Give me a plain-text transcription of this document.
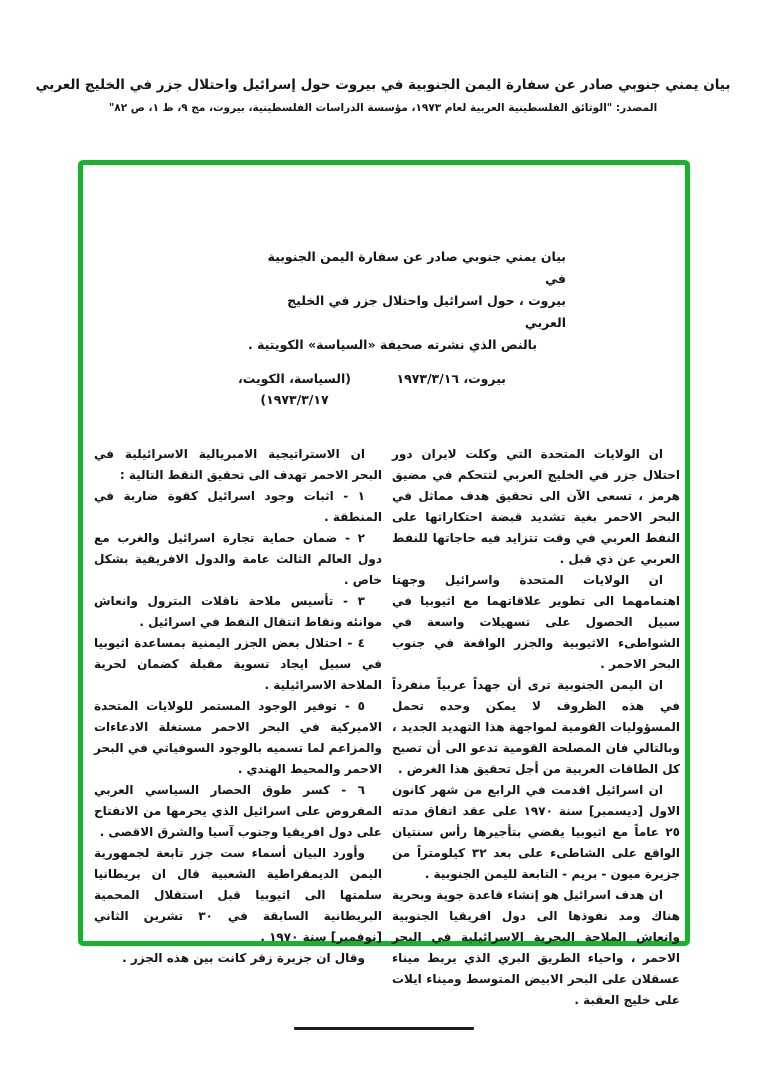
بيان يمني جنوبي صادر عن سفارة اليمن الجنوبية في بيروت حول إسرائيل واحتلال جزر في الخليج العربي
المصدر: "الوثائق الفلسطينية العربية لعام ١٩٧٣، مؤسسة الدراسات الفلسطينية، بيروت، مج ٩، ط ١، ص ٨٢"
بيان يمني جنوبي صادر عن سفارة اليمن الجنوبية في
بيروت ، حول اسرائيل واحتلال جزر في الخليج العربي
بالنص الذي نشرته صحيفة «السياسة» الكويتية .
بيروت، ١٩٧٣/٣/١٦
(السياسة، الكويت،
١٩٧٣/٣/١٧)

ان الولايات المتحدة التي وكلت لايران دور احتلال جزر في الخليج العربي لتتحكم في مضيق هرمز ، تسعى الآن الى تحقيق هدف مماثل في البحر الاحمر بغية تشديد قبضة احتكاراتها على النفط العربي في وقت تتزايد فيه حاجاتها للنفط العربي عن ذي قبل .

ان الولايات المتحدة واسرائيل وجهتا اهتمامهما الى تطوير علاقاتهما مع اثيوبيا في سبيل الحصول على تسهيلات واسعة في الشواطىء الاثيوبية والجزر الواقعة في جنوب البحر الاحمر .

ان اليمن الجنوبية ترى أن جهداً عربياً منفرداً في هذه الظروف لا يمكن وحده تحمل المسؤوليات القومية لمواجهة هذا التهديد الجديد ، وبالتالي فان المصلحة القومية تدعو الى أن تصبح كل الطاقات العربية من أجل تحقيق هذا الغرض .

ان اسرائيل اقدمت في الرابع من شهر كانون الاول [ديسمبر] سنة ١٩٧٠ على عقد اتفاق مدته ٢٥ عاماً مع اثيوبيا يقضي بتأجيرها رأس سنتيان الواقع على الشاطىء على بعد ٣٢ كيلومتراً من جزيرة ميون - بريم - التابعة لليمن الجنوبية .

ان هدف اسرائيل هو إنشاء قاعدة جوية وبحرية هناك ومد نفوذها الى دول افريقيا الجنوبية وانعاش الملاحة البحرية الاسرائيلية في البحر الاحمر ، واحياء الطريق البري الذي يربط ميناء عسقلان على البحر الابيض المتوسط وميناء ايلات على خليج العقبة .

ان الاستراتيجية الامبريالية الاسرائيلية في البحر الاحمر تهدف الى تحقيق النقط التالية :

١ - اثبات وجود اسرائيل كقوة ضاربة في المنطقة .

٢ - ضمان حماية تجارة اسرائيل والغرب مع دول العالم الثالث عامة والدول الافريقية بشكل خاص .

٣ - تأسيس ملاحة ناقلات البترول وانعاش موانئه ونقاط انتقال النفط في اسرائيل .

٤ - احتلال بعض الجزر اليمنية بمساعدة اثيوبيا في سبيل ايجاد تسوية مقبلة كضمان لحرية الملاحة الاسرائيلية .

٥ - توفير الوجود المستمر للولايات المتحدة الاميركية في البحر الاحمر مستغلة الادعاءات والمزاعم لما تسميه بالوجود السوفياتي في البحر الاحمر والمحيط الهندي .

٦ - كسر طوق الحصار السياسي العربي المفروض على اسرائيل الذي يحرمها من الانفتاح على دول افريقيا وجنوب آسيا والشرق الاقصى .

وأورد البيان أسماء ست جزر تابعة لجمهورية اليمن الديمقراطية الشعبية قال ان بريطانيا سلمتها الى اثيوبيا قبل استقلال المحمية البريطانية السابقة في ٣٠ تشرين الثاني [نوفمبر] سنة ١٩٧٠ .

وقال ان جزيرة زقر كانت بين هذه الجزر .
